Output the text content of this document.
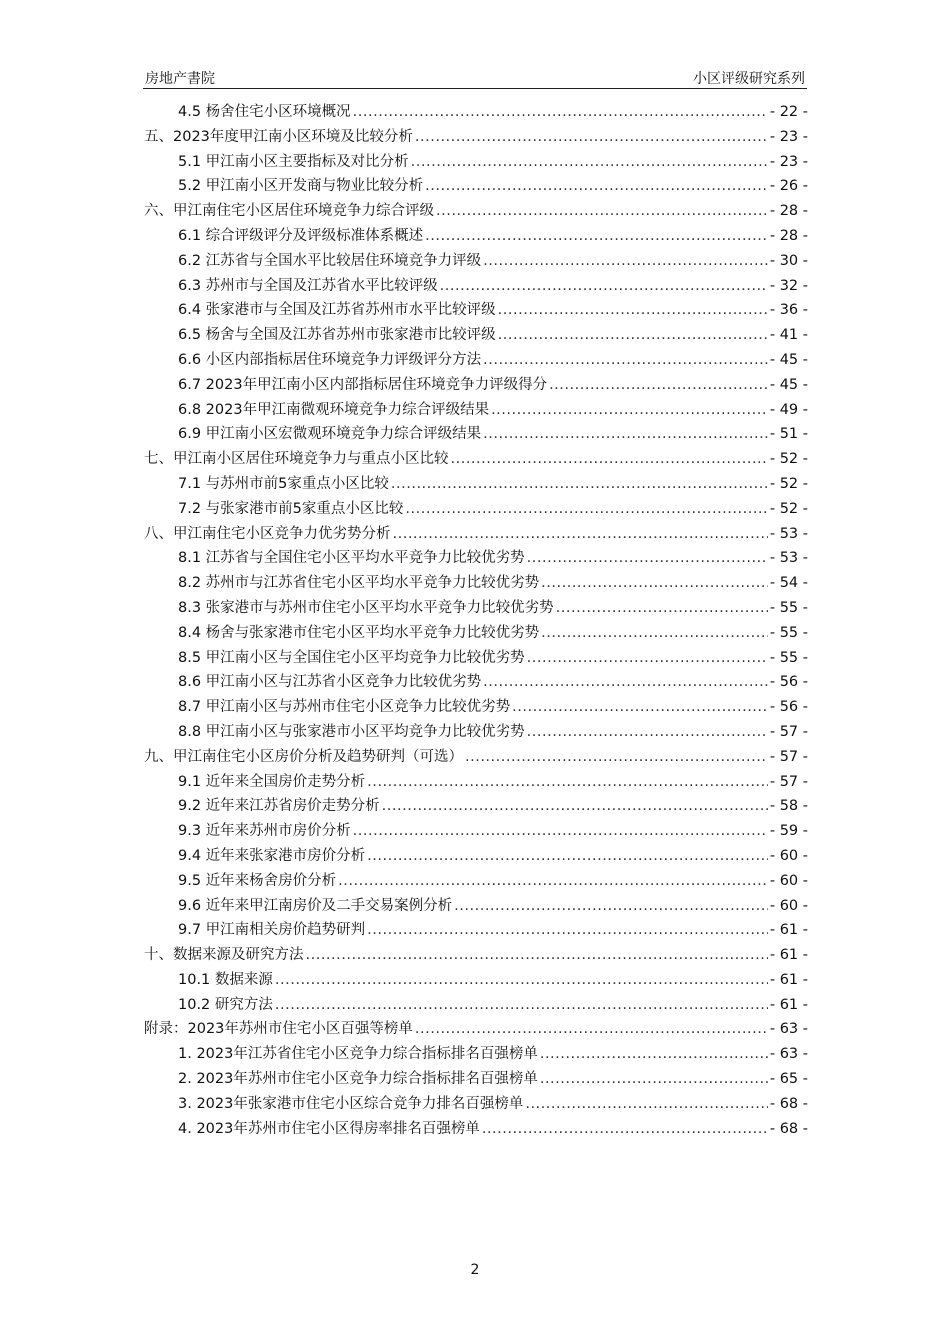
房地产書院	小区评级研究系列
4.5 杨舍住宅小区环境概况 .....	- 22 -
五、2023年度甲江南小区环境及比较分析 .....	- 23 -
5.1 甲江南小区主要指标及对比分析 .....	- 23 -
5.2 甲江南小区开发商与物业比较分析 .....	- 26 -
六、甲江南住宅小区居住环境竞争力综合评级 .....	- 28 -
6.1 综合评级评分及评级标准体系概述 .....	- 28 -
6.2 江苏省与全国水平比较居住环境竞争力评级 .....	- 30 -
6.3 苏州市与全国及江苏省水平比较评级 .....	- 32 -
6.4 张家港市与全国及江苏省苏州市水平比较评级 .....	- 36 -
6.5 杨舍与全国及江苏省苏州市张家港市比较评级 .....	- 41 -
6.6 小区内部指标居住环境竞争力评级评分方法 .....	- 45 -
6.7 2023年甲江南小区内部指标居住环境竞争力评级得分 .....	- 45 -
6.8 2023年甲江南微观环境竞争力综合评级结果 .....	- 49 -
6.9 甲江南小区宏微观环境竞争力综合评级结果 .....	- 51 -
七、甲江南小区居住环境竞争力与重点小区比较 .....	- 52 -
7.1 与苏州市前5家重点小区比较 .....	- 52 -
7.2 与张家港市前5家重点小区比较 .....	- 52 -
八、甲江南住宅小区竞争力优劣势分析 .....	- 53 -
8.1 江苏省与全国住宅小区平均水平竞争力比较优劣势 .....	- 53 -
8.2 苏州市与江苏省住宅小区平均水平竞争力比较优劣势 .....	- 54 -
8.3 张家港市与苏州市住宅小区平均水平竞争力比较优劣势 .....	- 55 -
8.4 杨舍与张家港市住宅小区平均水平竞争力比较优劣势 .....	- 55 -
8.5 甲江南小区与全国住宅小区平均竞争力比较优劣势 .....	- 55 -
8.6 甲江南小区与江苏省小区竞争力比较优劣势 .....	- 56 -
8.7 甲江南小区与苏州市住宅小区竞争力比较优劣势 .....	- 56 -
8.8 甲江南小区与张家港市小区平均竞争力比较优劣势 .....	- 57 -
九、甲江南住宅小区房价分析及趋势研判（可选） .....	- 57 -
9.1 近年来全国房价走势分析 .....	- 57 -
9.2 近年来江苏省房价走势分析 .....	- 58 -
9.3 近年来苏州市房价分析 .....	- 59 -
9.4 近年来张家港市房价分析 .....	- 60 -
9.5 近年来杨舍房价分析 .....	- 60 -
9.6 近年来甲江南房价及二手交易案例分析 .....	- 60 -
9.7 甲江南相关房价趋势研判 .....	- 61 -
十、数据来源及研究方法 .....	- 61 -
10.1 数据来源 .....	- 61 -
10.2 研究方法 .....	- 61 -
附录：2023年苏州市住宅小区百强等榜单 .....	- 63 -
1. 2023年江苏省住宅小区竞争力综合指标排名百强榜单 .....	- 63 -
2. 2023年苏州市住宅小区竞争力综合指标排名百强榜单 .....	- 65 -
3. 2023年张家港市住宅小区综合竞争力排名百强榜单 .....	- 68 -
4. 2023年苏州市住宅小区得房率排名百强榜单 .....	- 68 -
2
